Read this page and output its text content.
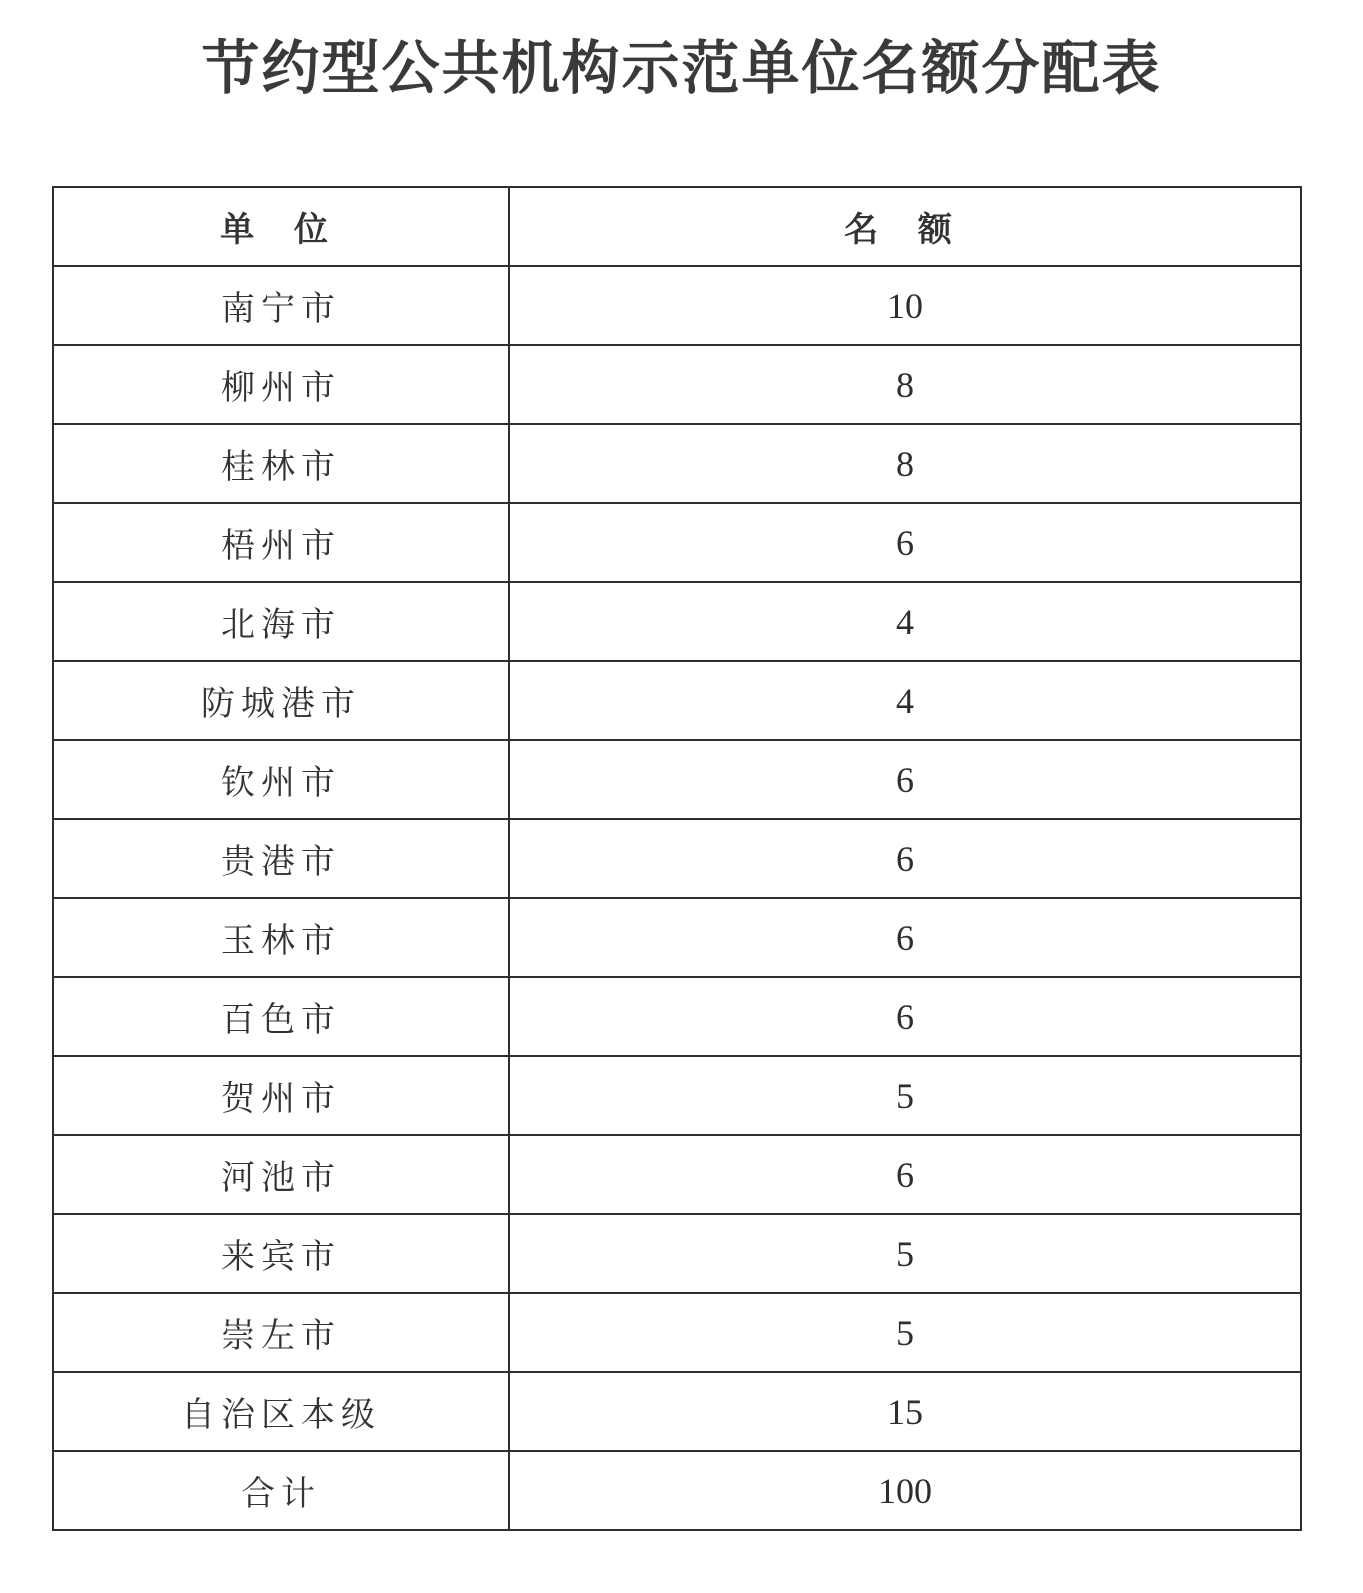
节约型公共机构示范单位名额分配表
单 位	名 额
南宁市	10
柳州市	8
桂林市	8
梧州市	6
北海市	4
防城港市	4
钦州市	6
贵港市	6
玉林市	6
百色市	6
贺州市	5
河池市	6
来宾市	5
崇左市	5
自治区本级	15
合计	100
